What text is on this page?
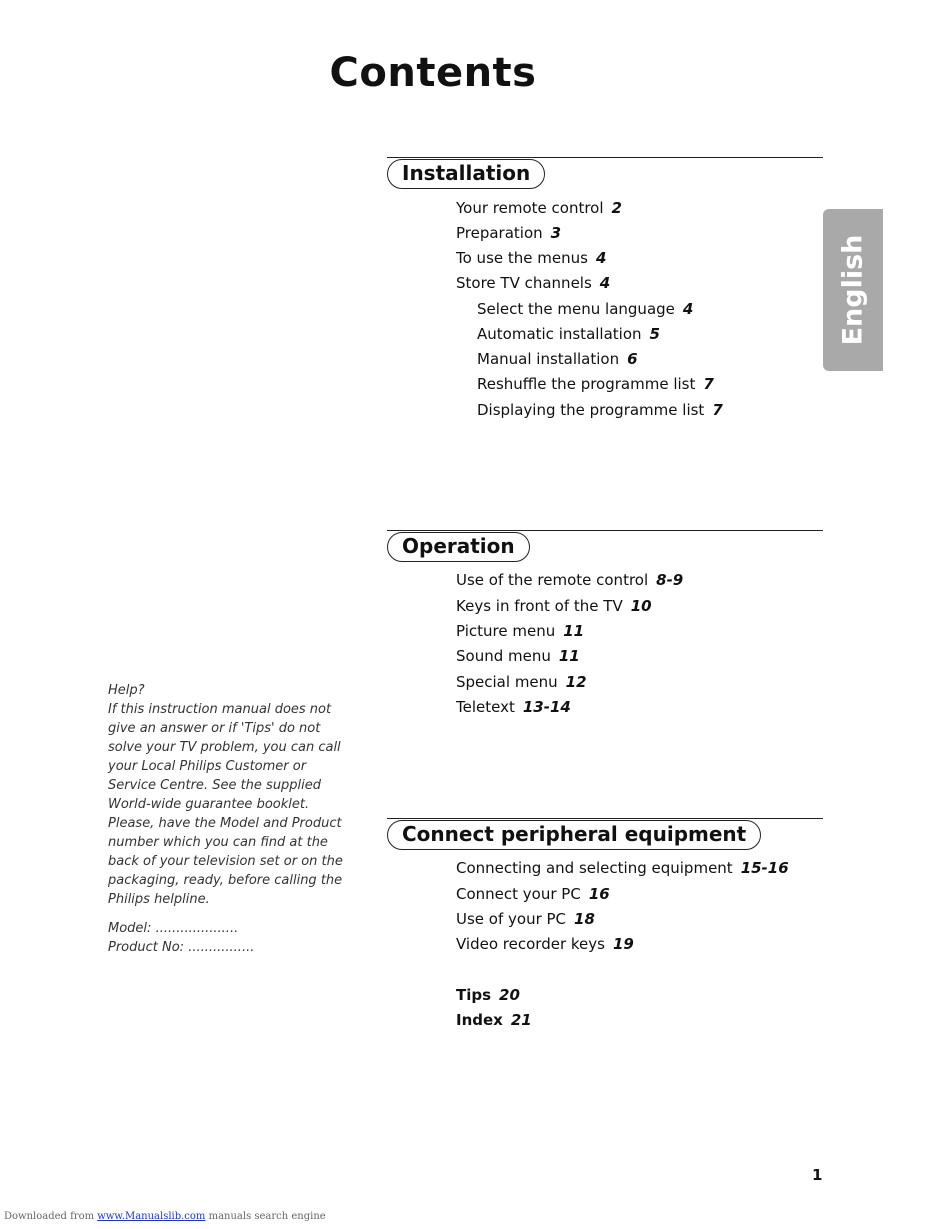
Contents
English
Installation
Your remote control 2
Preparation 3
To use the menus 4
Store TV channels 4
Select the menu language 4
Automatic installation 5
Manual installation 6
Reshuffle the programme list 7
Displaying the programme list 7
Operation
Use of the remote control 8-9
Keys in front of the TV 10
Picture menu 11
Sound menu 11
Special menu 12
Teletext 13-14
Connect peripheral equipment
Connecting and selecting equipment 15-16
Connect your PC 16
Use of your PC 18
Video recorder keys 19
Tips 20
Index 21

Help?

If this instruction manual does not give an answer or if 'Tips' do not solve your TV problem, you can call your Local Philips Customer or Service Centre. See the supplied World-wide guarantee booklet. Please, have the Model and Product number which you can find at the back of your television set or on the packaging, ready, before calling the Philips helpline.

Model: ....................
Product No: ................
1
Downloaded from www.Manualslib.com manuals search engine
